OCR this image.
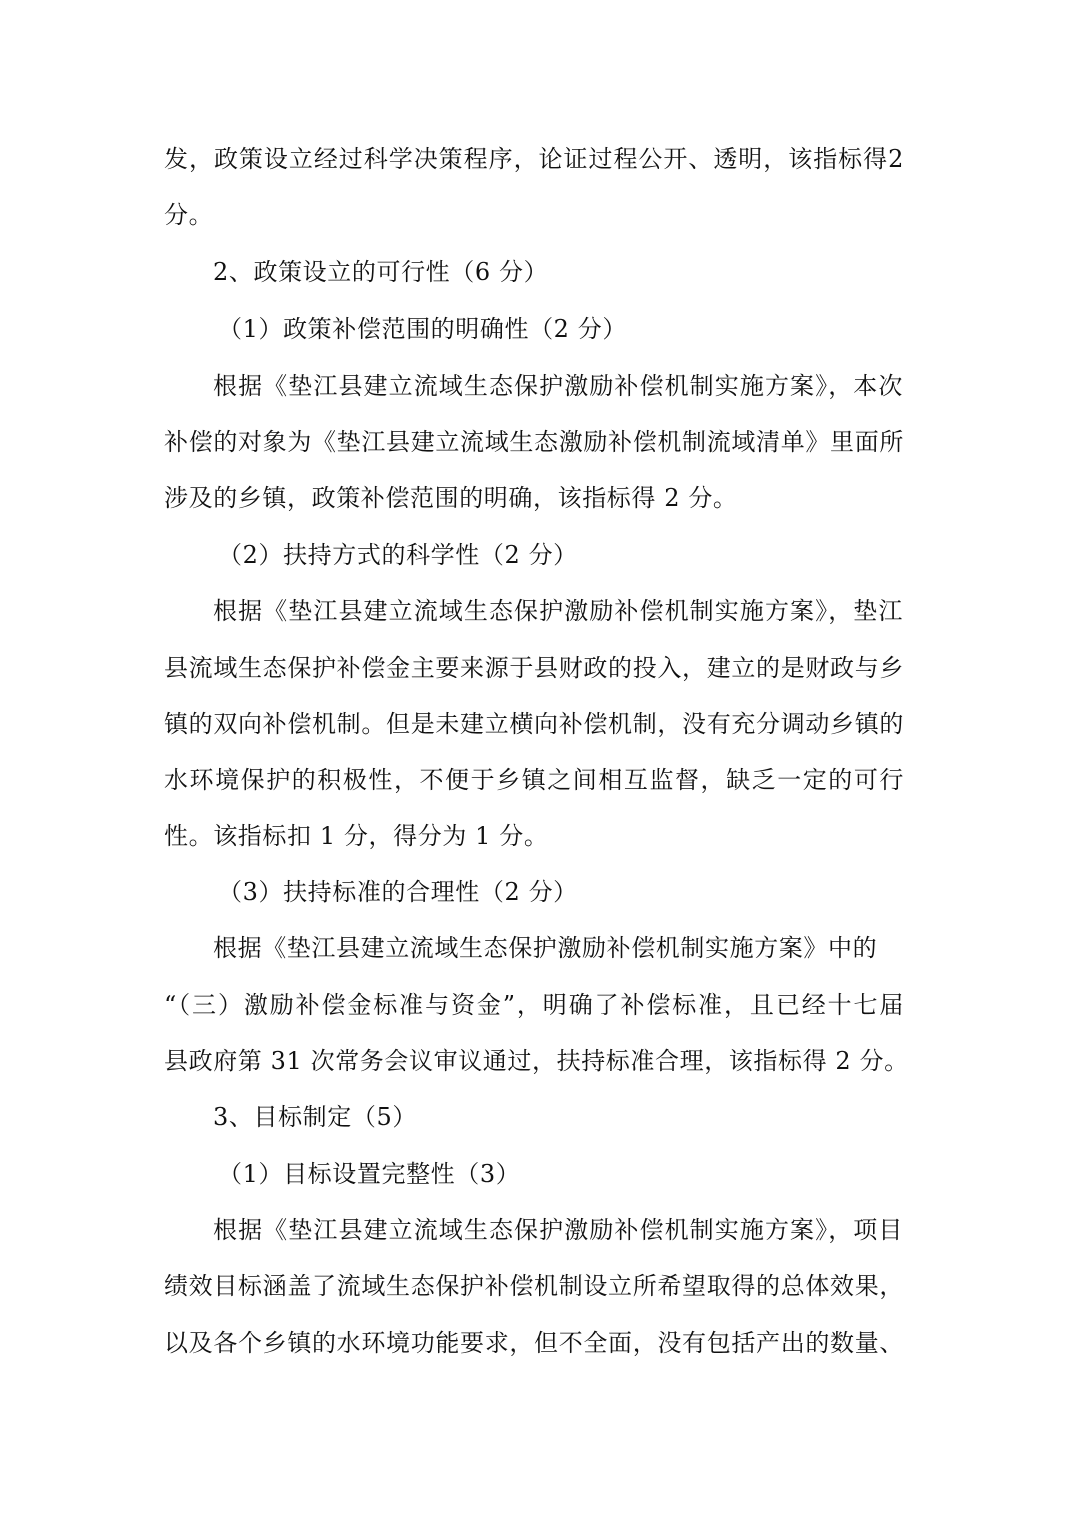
发，政策设立经过科学决策程序，论证过程公开、透明，该指标得2
分。
2、政策设立的可行性（6 分）
（1）政策补偿范围的明确性（2 分）
根据《垫江县建立流域生态保护激励补偿机制实施方案》，本次
补偿的对象为《垫江县建立流域生态激励补偿机制流域清单》里面所
涉及的乡镇，政策补偿范围的明确，该指标得 2 分。
（2）扶持方式的科学性（2 分）
根据《垫江县建立流域生态保护激励补偿机制实施方案》，垫江
县流域生态保护补偿金主要来源于县财政的投入，建立的是财政与乡
镇的双向补偿机制。但是未建立横向补偿机制，没有充分调动乡镇的
水环境保护的积极性，不便于乡镇之间相互监督，缺乏一定的可行
性。该指标扣 1 分，得分为 1 分。
（3）扶持标准的合理性（2 分）
根据《垫江县建立流域生态保护激励补偿机制实施方案》中的
“（三）激励补偿金标准与资金”，明确了补偿标准，且已经十七届
县政府第 31 次常务会议审议通过，扶持标准合理，该指标得 2 分。
3、目标制定（5）
（1）目标设置完整性（3）
根据《垫江县建立流域生态保护激励补偿机制实施方案》，项目
绩效目标涵盖了流域生态保护补偿机制设立所希望取得的总体效果，
以及各个乡镇的水环境功能要求，但不全面，没有包括产出的数量、
